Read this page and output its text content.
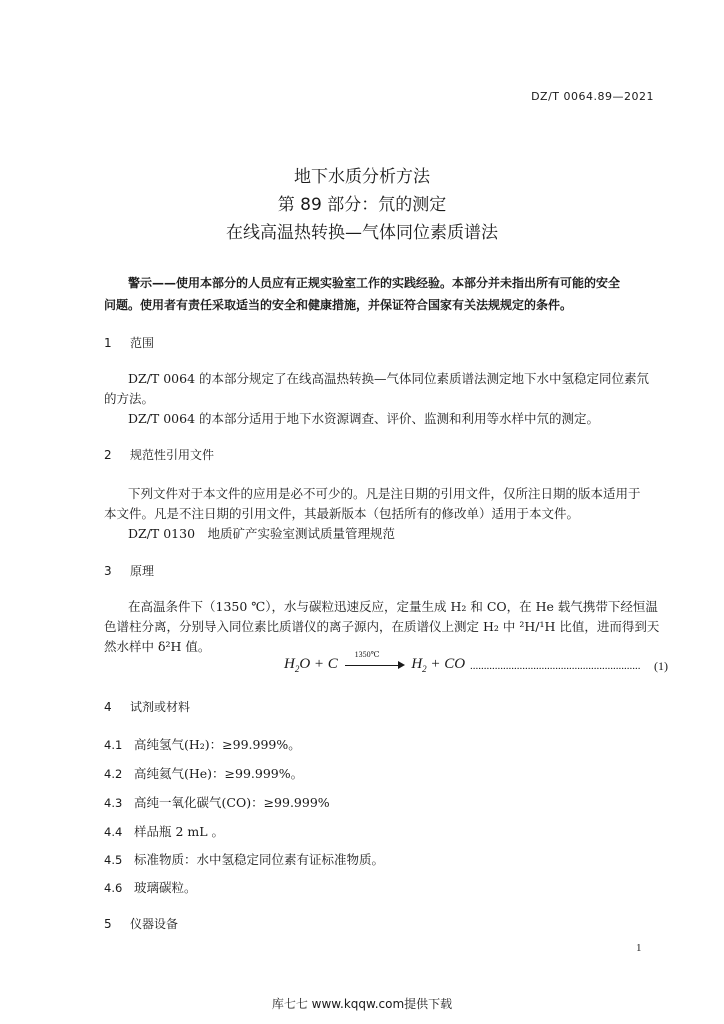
DZ/T 0064.89—2021
地下水质分析方法
第 89 部分：氘的测定
在线高温热转换—气体同位素质谱法

警示——使用本部分的人员应有正规实验室工作的实践经验。本部分并未指出所有可能的安全

问题。使用者有责任采取适当的安全和健康措施，并保证符合国家有关法规规定的条件。

1 范围

DZ/T 0064 的本部分规定了在线高温热转换—气体同位素质谱法测定地下水中氢稳定同位素氘

的方法。

DZ/T 0064 的本部分适用于地下水资源调查、评价、监测和利用等水样中氘的测定。

2 规范性引用文件

下列文件对于本文件的应用是必不可少的。凡是注日期的引用文件，仅所注日期的版本适用于

本文件。凡是不注日期的引用文件，其最新版本（包括所有的修改单）适用于本文件。

DZ/T 0130　地质矿产实验室测试质量管理规范

3 原理

在高温条件下（1350 ℃），水与碳粒迅速反应，定量生成 H₂ 和 CO，在 He 载气携带下经恒温

色谱柱分离，分别导入同位素比质谱仪的离子源内，在质谱仪上测定 H₂ 中 ²H/¹H 比值，进而得到天

然水样中 δ²H 值。

$H_2O + C$
1350℃
$H_2$ + CO ..............................................................	(1)
4 试剂或材料
4.1 高纯氢气(H₂)：≥99.999%。
4.2 高纯氦气(He)：≥99.999%。
4.3 高纯一氧化碳气(CO)：≥99.999%
4.4 样品瓶 2 mL 。
4.5 标准物质：水中氢稳定同位素有证标准物质。
4.6 玻璃碳粒。
5 仪器设备
1
库七七 www.kqqw.com提供下载
